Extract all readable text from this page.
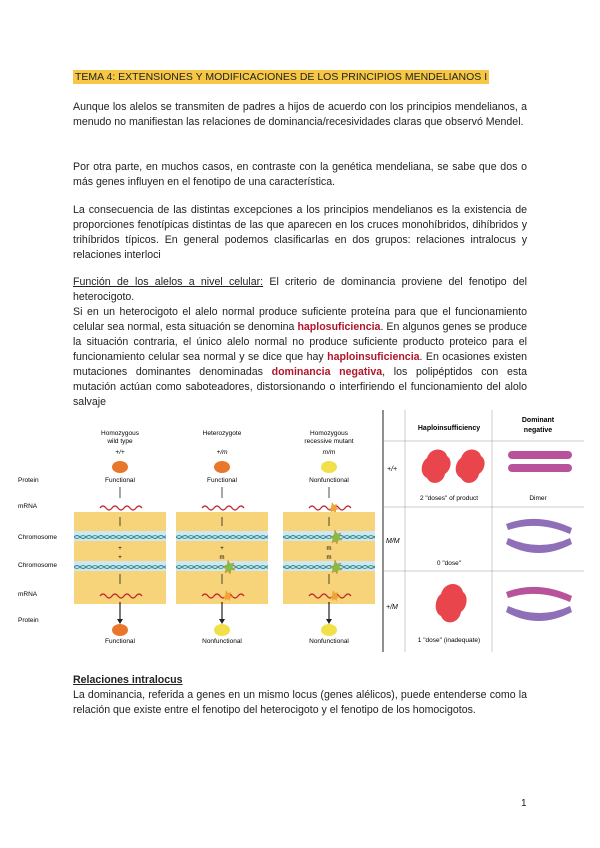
TEMA 4: EXTENSIONES Y MODIFICACIONES DE LOS PRINCIPIOS MENDELIANOS I
Aunque los alelos se transmiten de padres a hijos de acuerdo con los principios mendelianos, a menudo no manifiestan las relaciones de dominancia/recesividades claras que observó Mendel.
Por otra parte, en muchos casos, en contraste con la genética mendeliana, se sabe que dos o más genes influyen en el fenotipo de una característica.
La consecuencia de las distintas excepciones a los principios mendelianos es la existencia de proporciones fenotípicas distintas de las que aparecen en los cruces monohíbridos, dihíbridos y trihíbridos típicos. En general podemos clasificarlas en dos grupos: relaciones intralocus y relaciones interloci
Función de los alelos a nivel celular: El criterio de dominancia proviene del fenotipo del heterocigoto.
Si en un heterocigoto el alelo normal produce suficiente proteína para que el funcionamiento celular sea normal, esta situación se denomina haplosuficiencia. En algunos genes se produce la situación contraria, el único alelo normal no produce suficiente producto proteico para el funcionamiento celular sea normal y se dice que hay haploinsuficiencia. En ocasiones existen mutaciones dominantes denominadas dominancia negativa, los polipéptidos con esta mutación actúan como saboteadores, distorsionando o interfiriendo el funcionamiento del alolo salvaje
Protein
mRNA
Chromosome
Chromosome
mRNA
Protein
Homozygous
wild type
+/+
Functional
+
+
Functional
Heterozygote
+/m
Functional
+
m
Nonfunctional
Homozygous
recessive mutant
m/m
Nonfunctional
m
m
Nonfunctional
Haploinsufficiency
Dominant
negative
+/+
M/M
+/M
2 "doses" of product	Dimer
0 "dose"
1 "dose" (inadequate)
Relaciones intralocus
La dominancia, referida a genes en un mismo locus (genes alélicos), puede entenderse como la relación que existe entre el fenotipo del heterocigoto y el fenotipo de los homocigotos.
1
